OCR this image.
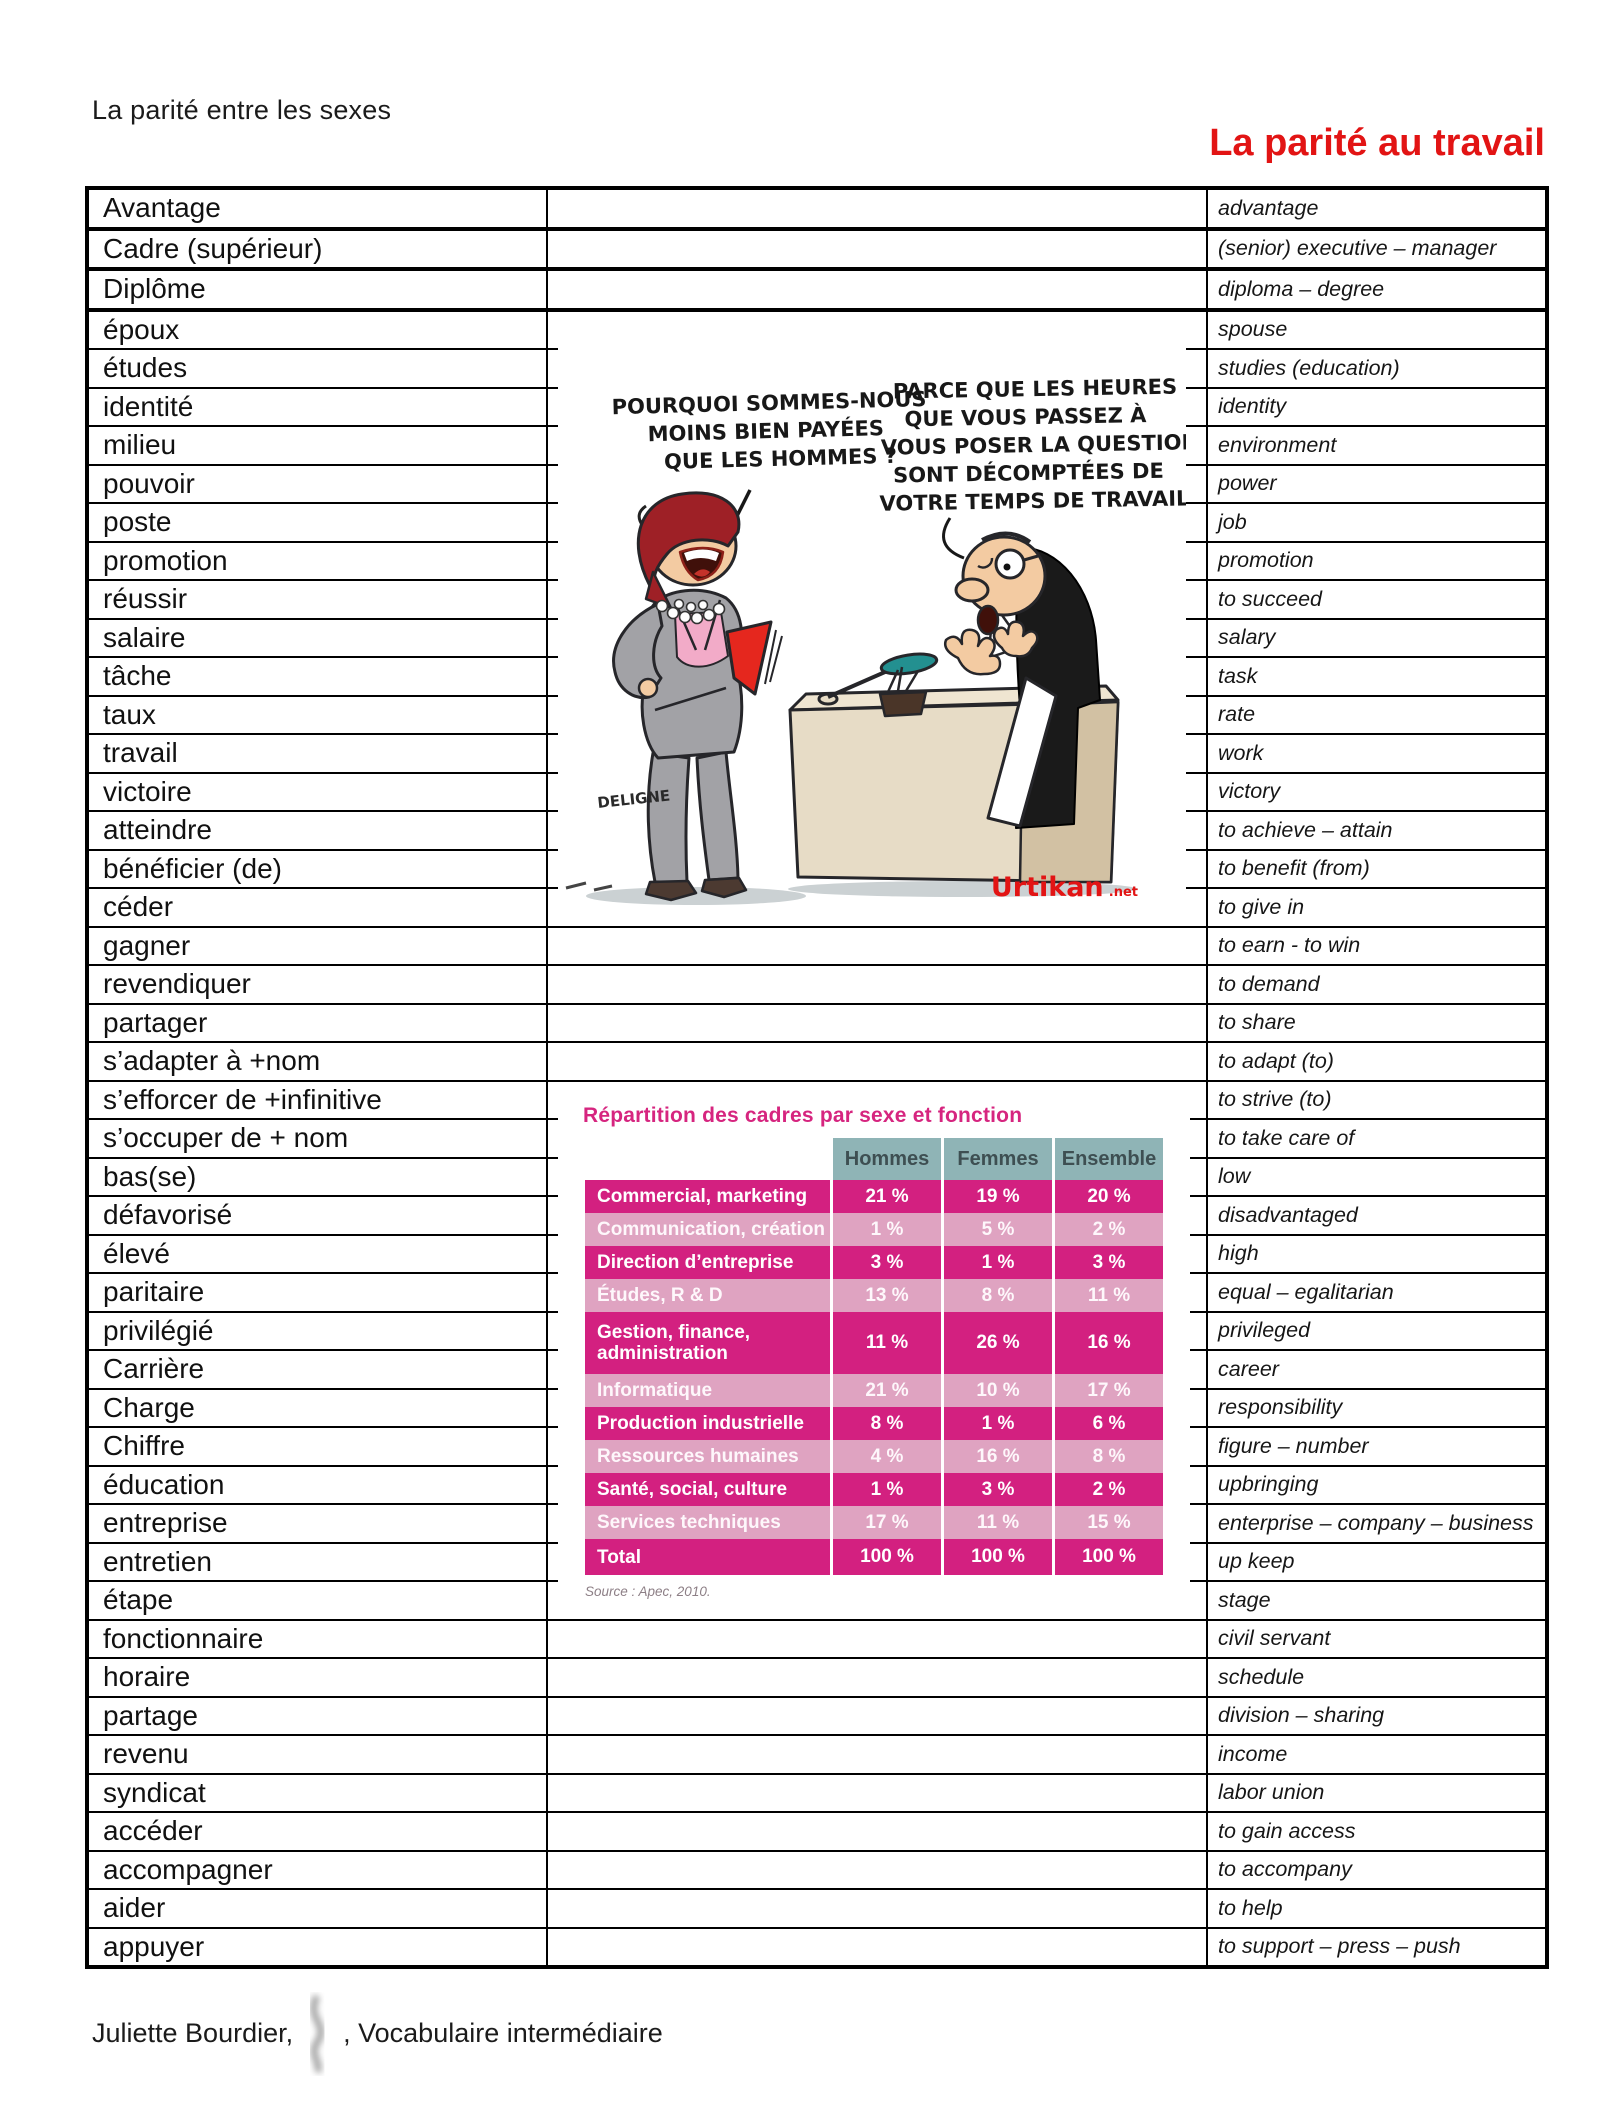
La parité entre les sexes
La parité au travail
Avantage		advantage
Cadre (supérieur)		(senior) executive – manager
Diplôme		diploma – degree
époux		spouse
études		studies (education)
identité		identity
milieu		environment
pouvoir		power
poste		job
promotion		promotion
réussir		to succeed
salaire		salary
tâche		task
taux		rate
travail		work
victoire		victory
atteindre		to achieve – attain
bénéficier (de)		to benefit (from)
céder		to give in
gagner		to earn - to win
revendiquer		to demand
partager		to share
s’adapter à +nom		to adapt (to)
s’efforcer de +infinitive		to strive (to)
s’occuper de + nom		to take care of
bas(se)		low
défavorisé		disadvantaged
élevé		high
paritaire		equal – egalitarian
privilégié		privileged
Carrière		career
Charge		responsibility
Chiffre		figure – number
éducation		upbringing
entreprise		enterprise – company – business
entretien		up keep
étape		stage
fonctionnaire		civil servant
horaire		schedule
partage		division – sharing
revenu		income
syndicat		labor union
accéder		to gain access
accompagner		to accompany
aider		to help
appuyer		to support – press – push
POURQUOI SOMMES-NOUS
MOINS BIEN PAYÉES
QUE LES HOMMES ?
PARCE QUE LES HEURES
QUE VOUS PASSEZ À
VOUS POSER LA QUESTION
SONT DÉCOMPTÉES DE
VOTRE TEMPS DE TRAVAIL !
DELIGNE
Urtikan .net
Répartition des cadres par sexe et fonction
	Hommes	Femmes	Ensemble
Commercial, marketing	21 %	19 %	20 %
Communication, création	1 %	5 %	2 %
Direction d’entreprise	3 %	1 %	3 %
Études, R & D	13 %	8 %	11 %
Gestion, finance, administration	11 %	26 %	16 %
Informatique	21 %	10 %	17 %
Production industrielle	8 %	1 %	6 %
Ressources humaines	4 %	16 %	8 %
Santé, social, culture	1 %	3 %	2 %
Services techniques	17 %	11 %	15 %
Total	100 %	100 %	100 %
Source : Apec, 2010.
Juliette Bourdier, , Vocabulaire intermédiaire
